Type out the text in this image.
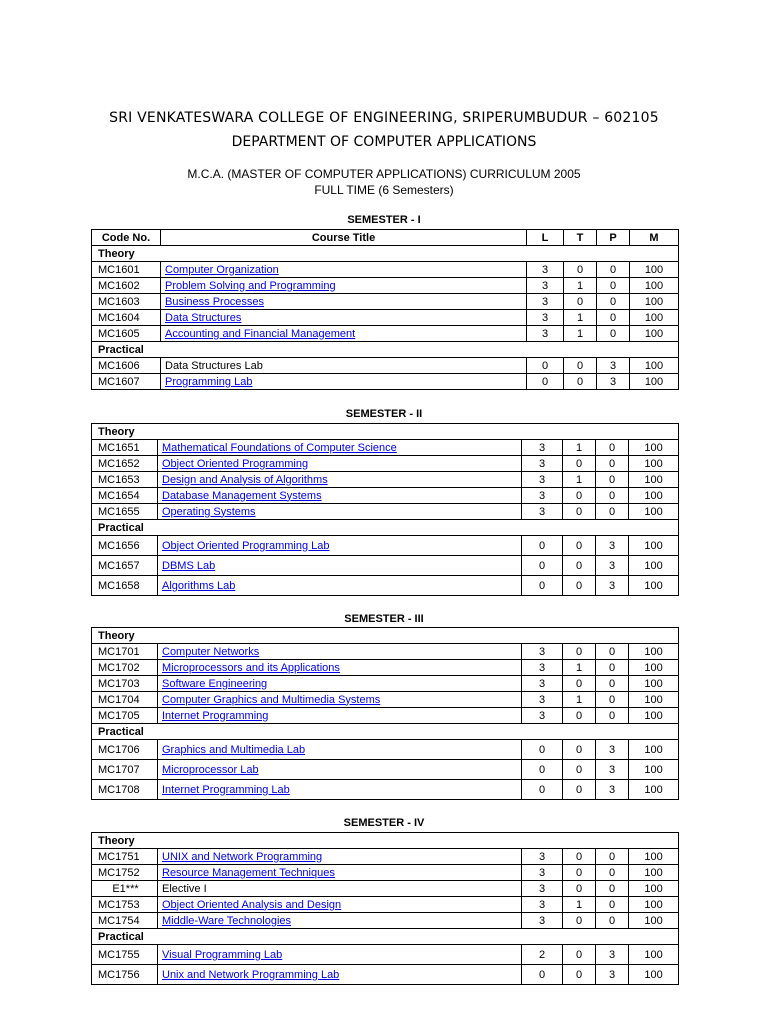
SRI VENKATESWARA COLLEGE OF ENGINEERING, SRIPERUMBUDUR – 602105
DEPARTMENT OF COMPUTER APPLICATIONS
M.C.A. (MASTER OF COMPUTER APPLICATIONS) CURRICULUM 2005
FULL TIME (6 Semesters)
SEMESTER - I
Code No.	Course Title	L	T	P	M
Theory					
MC1601	Computer Organization	3	0	0	100
MC1602	Problem Solving and Programming	3	1	0	100
MC1603	Business Processes	3	0	0	100
MC1604	Data Structures	3	1	0	100
MC1605	Accounting and Financial Management	3	1	0	100
Practical					
MC1606	Data Structures Lab	0	0	3	100
MC1607	Programming Lab	0	0	3	100
SEMESTER - II
Theory					
MC1651	Mathematical Foundations of Computer Science	3	1	0	100
MC1652	Object Oriented Programming	3	0	0	100
MC1653	Design and Analysis of Algorithms	3	1	0	100
MC1654	Database Management Systems	3	0	0	100
MC1655	Operating Systems	3	0	0	100
Practical					
MC1656	Object Oriented Programming Lab	0	0	3	100
MC1657	DBMS Lab	0	0	3	100
MC1658	Algorithms Lab	0	0	3	100
SEMESTER - III
Theory					
MC1701	Computer Networks	3	0	0	100
MC1702	Microprocessors and its Applications	3	1	0	100
MC1703	Software Engineering	3	0	0	100
MC1704	Computer Graphics and Multimedia Systems	3	1	0	100
MC1705	Internet Programming	3	0	0	100
Practical					
MC1706	Graphics and Multimedia Lab	0	0	3	100
MC1707	Microprocessor Lab	0	0	3	100
MC1708	Internet Programming Lab	0	0	3	100
SEMESTER - IV
Theory					
MC1751	UNIX and Network Programming	3	0	0	100
MC1752	Resource Management Techniques	3	0	0	100
E1***	Elective I	3	0	0	100
MC1753	Object Oriented Analysis and Design	3	1	0	100
MC1754	Middle-Ware Technologies	3	0	0	100
Practical					
MC1755	Visual Programming Lab	2	0	3	100
MC1756	Unix and Network Programming Lab	0	0	3	100
